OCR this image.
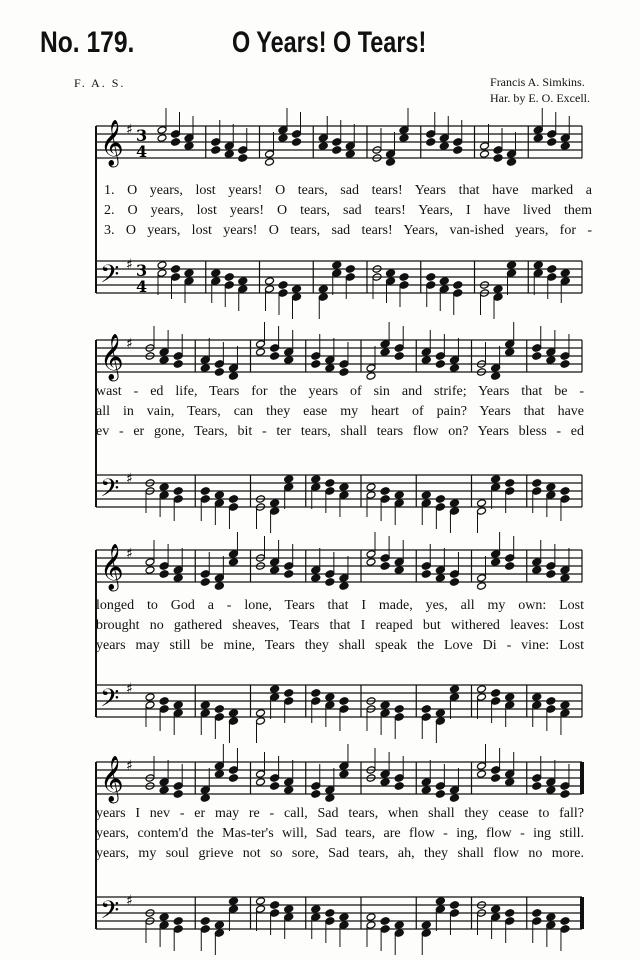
No. 179.	O Years! O Tears!
F. A. S.	Francis A. Simkins.
Har. by E. O. Excell.
𝄞
𝄢
♯
♯
3
4
3
4
1. O years, lost years! O tears, sad tears! Years that have marked a
2. O years, lost years! O tears, sad tears! Years, I have lived them
3. O years, lost years! O tears, sad tears! Years, van-ished years, for -
𝄞
𝄢
♯
♯
wast - ed life, Tears for the years of sin and strife; Years that be -
all in vain, Tears, can they ease my heart of pain? Years that have
ev - er gone, Tears, bit - ter tears, shall tears flow on? Years bless - ed
𝄞
𝄢
♯
♯
longed to God a - lone, Tears that I made, yes, all my own: Lost
brought no gathered sheaves, Tears that I reaped but withered leaves: Lost
years may still be mine, Tears they shall speak the Love Di - vine: Lost
𝄞
𝄢
♯
♯
years I nev - er may re - call, Sad tears, when shall they cease to fall?
years, contem'd the Mas-ter's will, Sad tears, are flow - ing, flow - ing still.
years, my soul grieve not so sore, Sad tears, ah, they shall flow no more.
